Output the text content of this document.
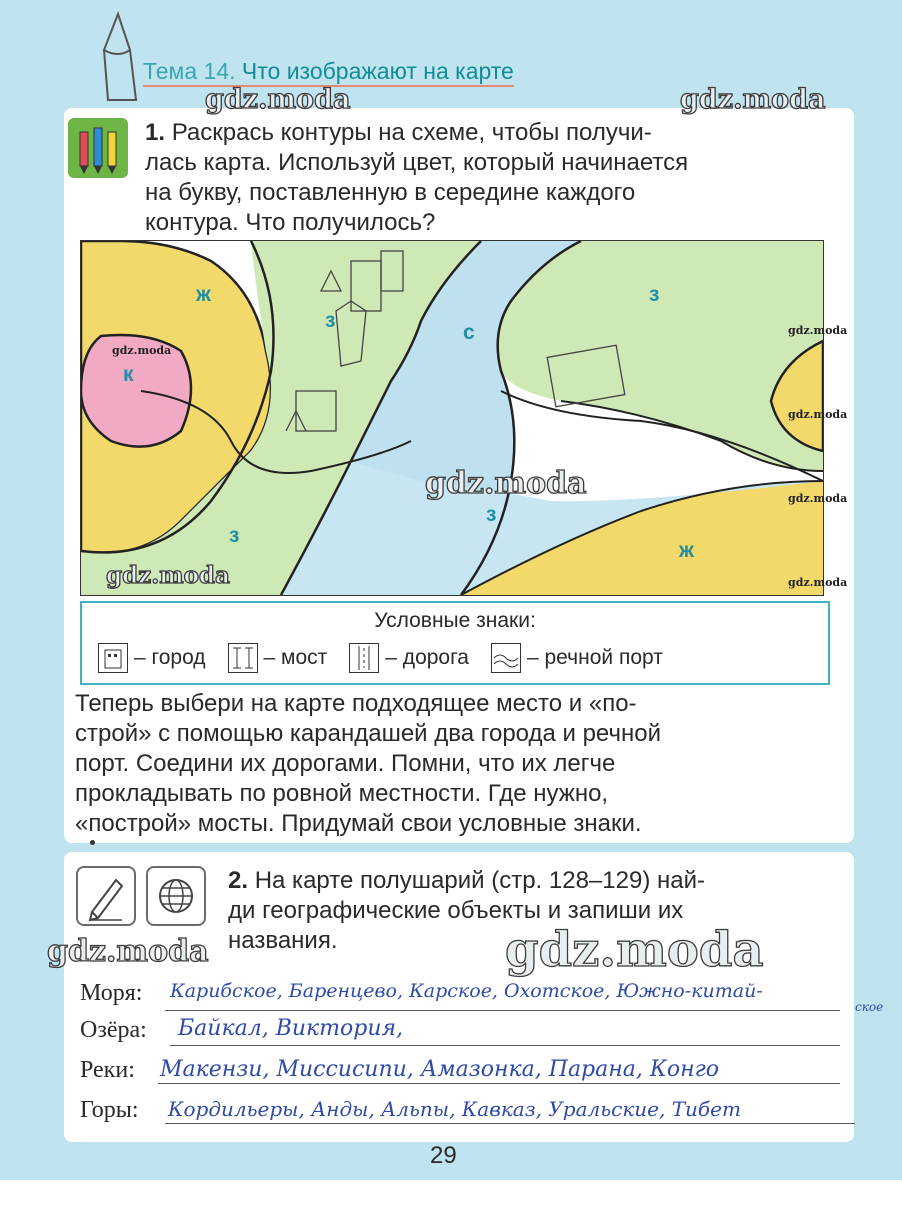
Тема 14. Что изображают на карте
1. Раскрась контуры на схеме, чтобы получи-
лась карта. Используй цвет, который начинается
на букву, поставленную в середине каждого
контура. Что получилось?
ж
з
с
з
к
з
з
ж
Условные знаки:
– город	– мост	– дорога	– речной порт
Теперь выбери на карте подходящее место и «по-
строй» с помощью карандашей два города и речной
порт. Соедини их дорогами. Помни, что их легче
прокладывать по ровной местности. Где нужно,
«построй» мосты. Придумай свои условные знаки.
2. На карте полушарий (стр. 128–129) най-
ди географические объекты и запиши их
названия.
Моря: Карибское, Баренцево, Карское, Охотское, Южно-китай-
ское
Озёра: Байкал, Виктория,
Реки: Макензи, Миссисипи, Амазонка, Парана, Конго
Горы: Кордильеры, Анды, Альпы, Кавказ, Уральские, Тибет
29
gdz.moda	gdz.moda
gdz.moda
gdz.moda
gdz.moda	gdz.moda
gdz.moda
gdz.moda
gdz.moda
gdz.moda
gdz.moda
